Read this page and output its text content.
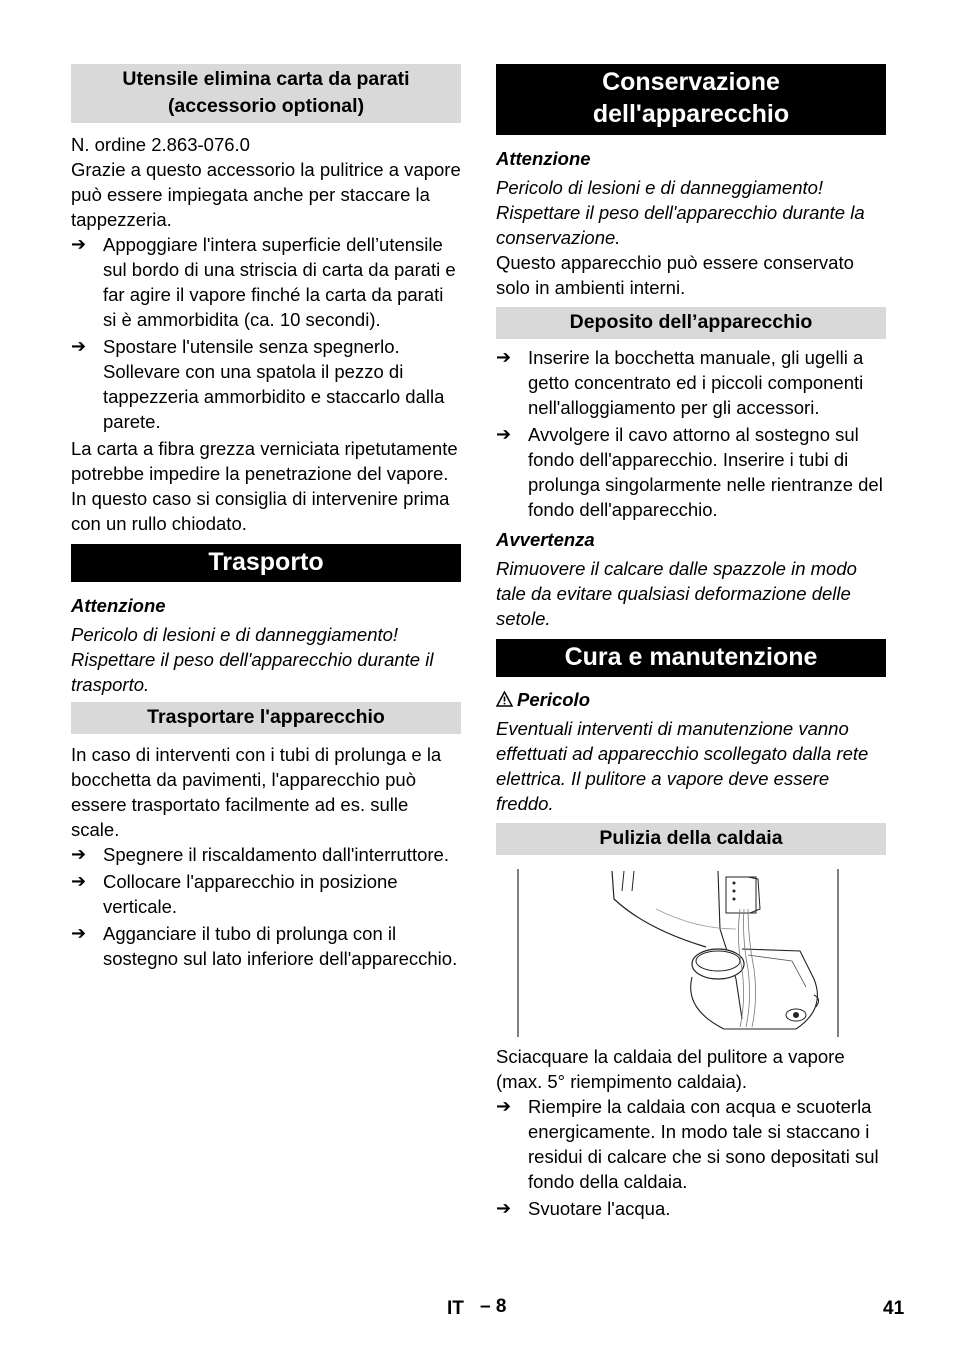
Utensile elimina carta da parati (accessorio optional)

N. ordine 2.863-076.0

Grazie a questo accessorio la pulitrice a vapore può essere impiegata anche per staccare la tappezzeria.

➔ Appoggiare l'intera superficie dell’utensile sul bordo di una striscia di carta da parati e far agire il vapore finché la carta da parati si è ammorbidita (ca. 10 secondi).
➔ Spostare l'utensile senza spegnerlo. Sollevare con una spatola il pezzo di tappezzeria ammorbidito e staccarlo dalla parete.

La carta a fibra grezza verniciata ripetutamente potrebbe impedire la penetrazione del vapore. In questo caso si consiglia di intervenire prima con un rullo chiodato.

Trasporto

Attenzione

Pericolo di lesioni e di danneggiamento! Rispettare il peso dell'apparecchio durante il trasporto.

Trasportare l'apparecchio

In caso di interventi con i tubi di prolunga e la bocchetta da pavimenti, l'apparecchio può essere trasportato facilmente ad es. sulle scale.

➔ Spegnere il riscaldamento dall'interruttore.
➔ Collocare l'apparecchio in posizione verticale.
➔ Agganciare il tubo di prolunga con il sostegno sul lato inferiore dell'apparecchio.
Conservazione dell'apparecchio

Attenzione

Pericolo di lesioni e di danneggiamento! Rispettare il peso dell'apparecchio durante la conservazione.

Questo apparecchio può essere conservato solo in ambienti interni.

Deposito dell’apparecchio
➔ Inserire la bocchetta manuale, gli ugelli a getto concentrato ed i piccoli componenti nell'alloggiamento per gli accessori.
➔ Avvolgere il cavo attorno al sostegno sul fondo dell'apparecchio. Inserire i tubi di prolunga singolarmente nelle rientranze del fondo dell'apparecchio.

Avvertenza

Rimuovere il calcare dalle spazzole in modo tale da evitare qualsiasi deformazione delle setole.

Cura e manutenzione

Pericolo

Eventuali interventi di manutenzione vanno effettuati ad apparecchio scollegato dalla rete elettrica. Il pulitore a vapore deve essere freddo.

Pulizia della caldaia

Sciacquare la caldaia del pulitore a vapore (max. 5° riempimento caldaia).

➔ Riempire la caldaia con acqua e scuoterla energicamente. In modo tale si staccano i residui di calcare che si sono depositati sul fondo della caldaia.
➔ Svuotare l'acqua.
IT – 8	41
